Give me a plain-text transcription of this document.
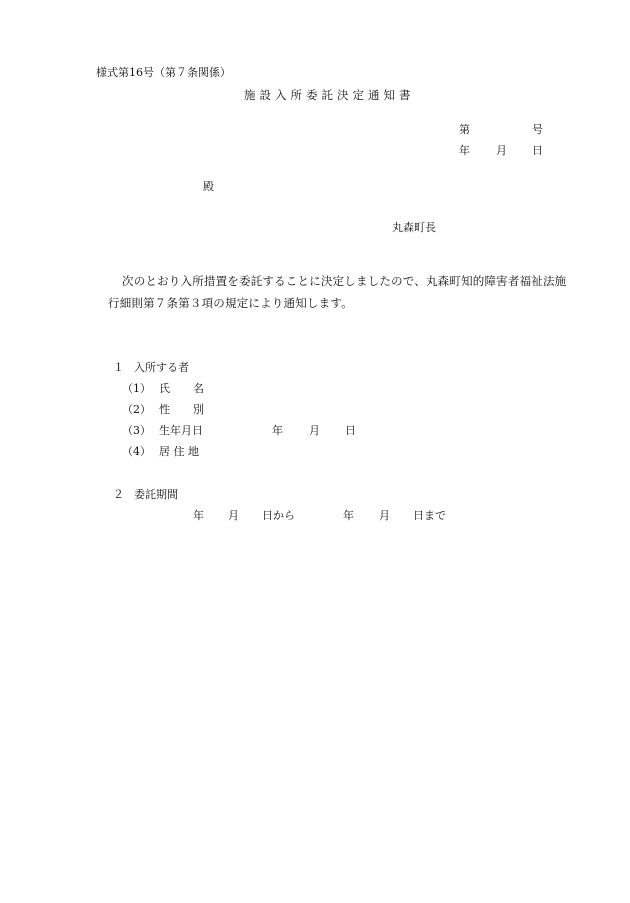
様式第16号（第７条関係）
施設入所委託決定通知書
第	号
年 月 日
殿
丸森町長
次のとおり入所措置を委託することに決定しましたので、丸森町知的障害者福祉法施
行細則第７条第３項の規定により通知します。
１ 入所する者
（1） 氏 名
（2） 性 別
（3） 生年月日	年 月 日
（4） 居 住 地
２ 委託期間
年 月 日から	年 月 日まで
